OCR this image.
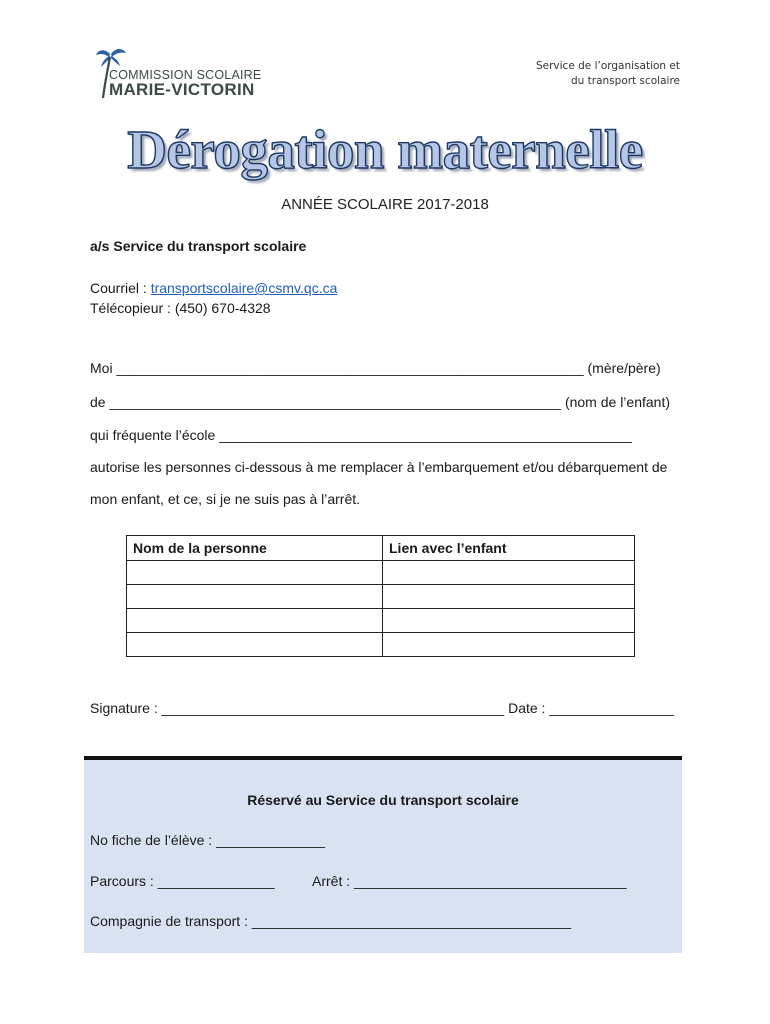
COMMISSION SCOLAIRE
MARIE-VICTORIN
Service de l’organisation et
du transport scolaire
Dérogation maternelle
ANNÉE SCOLAIRE 2017-2018
a/s Service du transport scolaire
Courriel : transportscolaire@csmv.qc.ca
Télécopieur : (450) 670-4328
Moi ____________________________________________________________ (mère/père)
de __________________________________________________________ (nom de l’enfant)
qui fréquente l’école _____________________________________________________
autorise les personnes ci-dessous à me remplacer à l’embarquement et/ou débarquement de
mon enfant, et ce, si je ne suis pas à l’arrêt.
Nom de la personne	Lien avec l’enfant

Signature : ____________________________________________ Date : ________________
Réservé au Service du transport scolaire
No fiche de l’élève : ______________
Parcours : _______________	Arrêt : ___________________________________
Compagnie de transport : _________________________________________
